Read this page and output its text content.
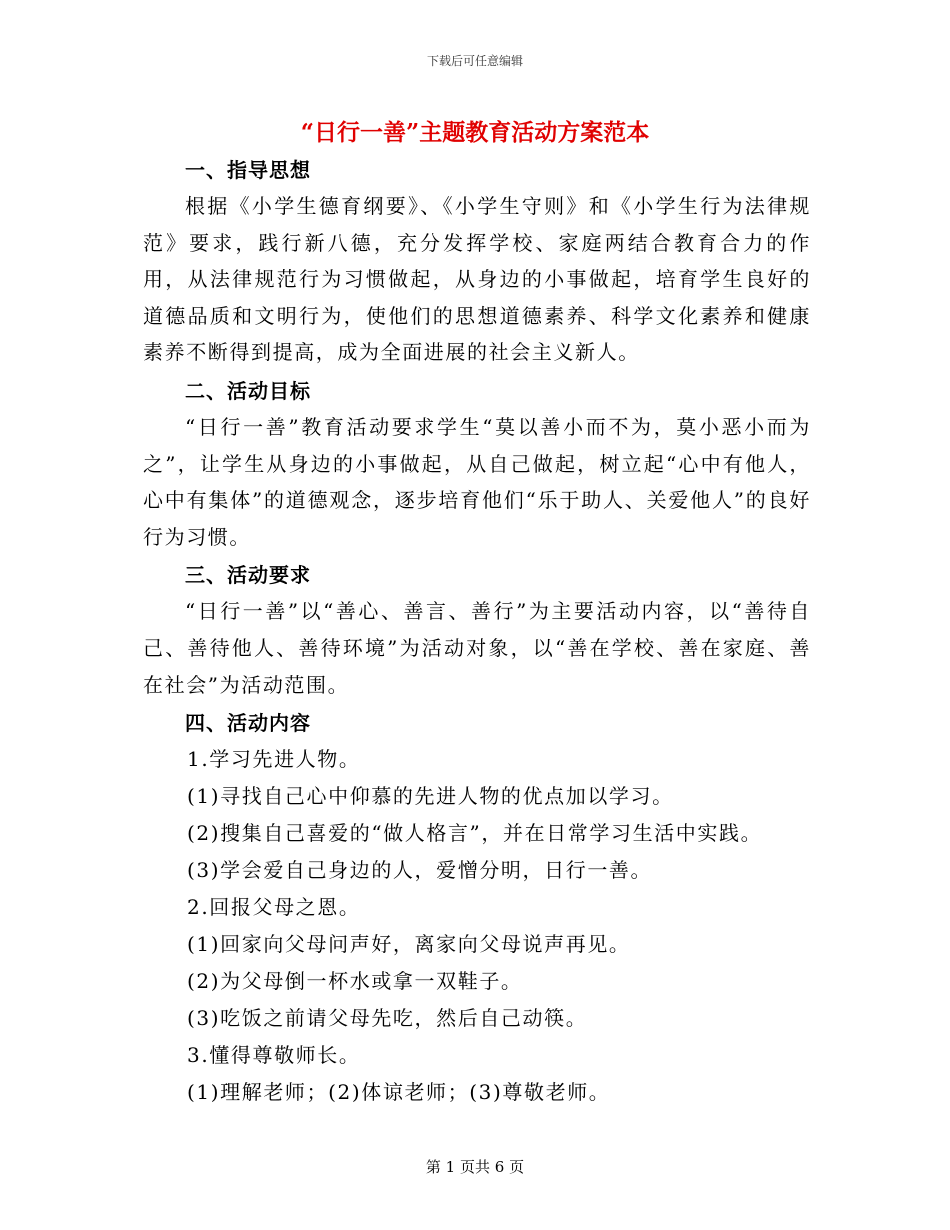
下载后可任意编辑
“日行一善”主题教育活动方案范本
一、指导思想

根据《小学生德育纲要》、《小学生守则》和《小学生行为法律规范》要求，践行新八德，充分发挥学校、家庭两结合教育合力的作用，从法律规范行为习惯做起，从身边的小事做起，培育学生良好的道德品质和文明行为，使他们的思想道德素养、科学文化素养和健康素养不断得到提高，成为全面进展的社会主义新人。

二、活动目标

“日行一善”教育活动要求学生“莫以善小而不为，莫小恶小而为之”，让学生从身边的小事做起，从自己做起，树立起“心中有他人，心中有集体”的道德观念，逐步培育他们“乐于助人、关爱他人”的良好行为习惯。

三、活动要求

“日行一善”以“善心、善言、善行”为主要活动内容，以“善待自己、善待他人、善待环境”为活动对象，以“善在学校、善在家庭、善在社会”为活动范围。

四、活动内容
1.学习先进人物。
(1)寻找自己心中仰慕的先进人物的优点加以学习。
(2)搜集自己喜爱的“做人格言”，并在日常学习生活中实践。
(3)学会爱自己身边的人，爱憎分明，日行一善。
2.回报父母之恩。
(1)回家向父母问声好，离家向父母说声再见。
(2)为父母倒一杯水或拿一双鞋子。
(3)吃饭之前请父母先吃，然后自己动筷。
3.懂得尊敬师长。
(1)理解老师；(2)体谅老师；(3)尊敬老师。
第 1 页共 6 页
